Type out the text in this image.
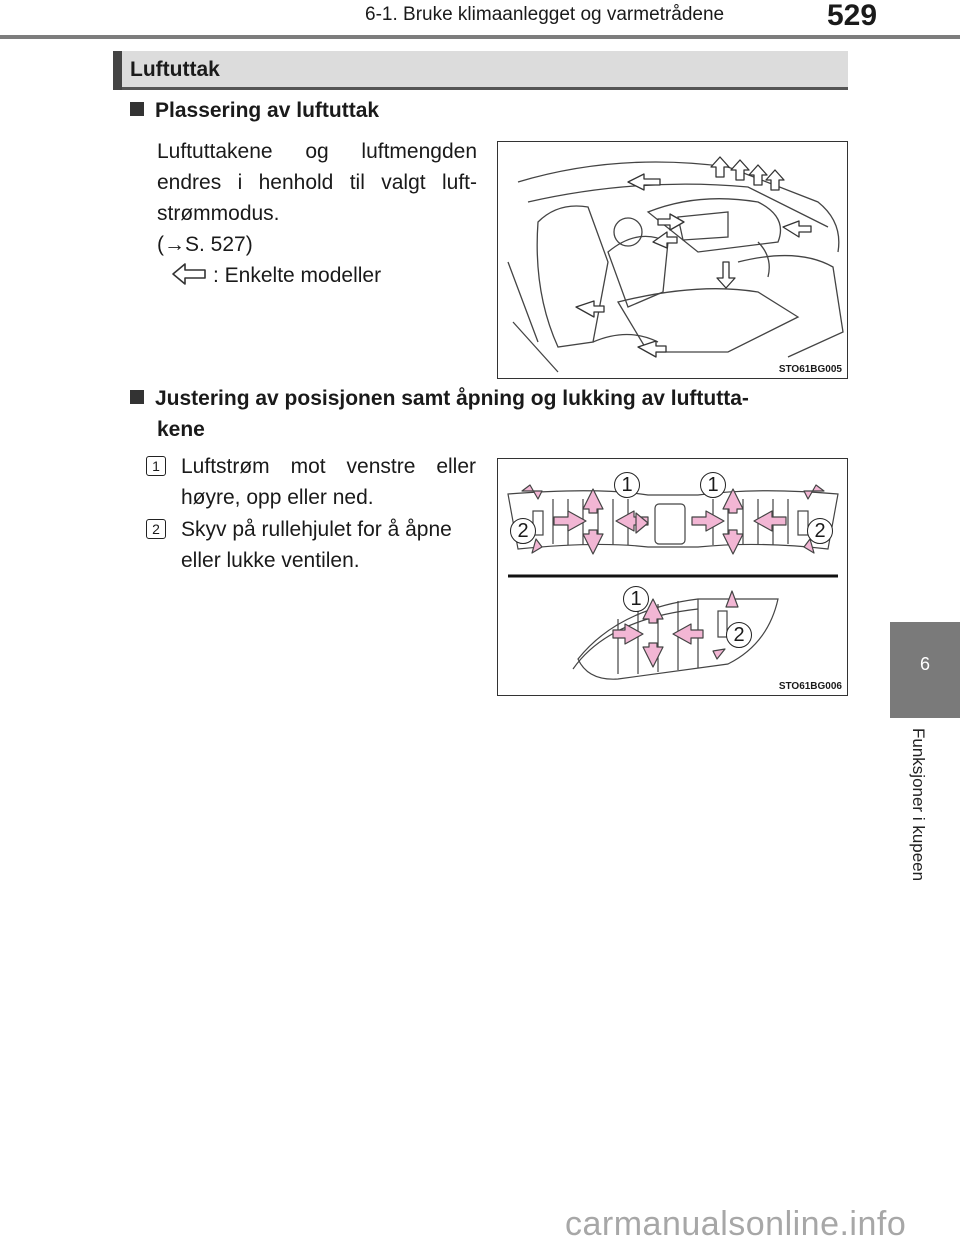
6-1. Bruke klimaanlegget og varmetrådene	529
6
Funksjoner i kupeen
Luftuttak
Plassering av luftuttak
Luftuttakene og luftmengden endres i henhold til valgt luft-strømmodus.
(→S. 527)
: Enkelte modeller
STO61BG005
Justering av posisjonen samt åpning og lukking av luftutta-
kene
1 Luftstrøm mot venstre eller høyre, opp eller ned.
2 Skyv på rullehjulet for å åpne eller lukke ventilen.
1	1
2	2
1
2
STO61BG006
carmanualsonline.info
